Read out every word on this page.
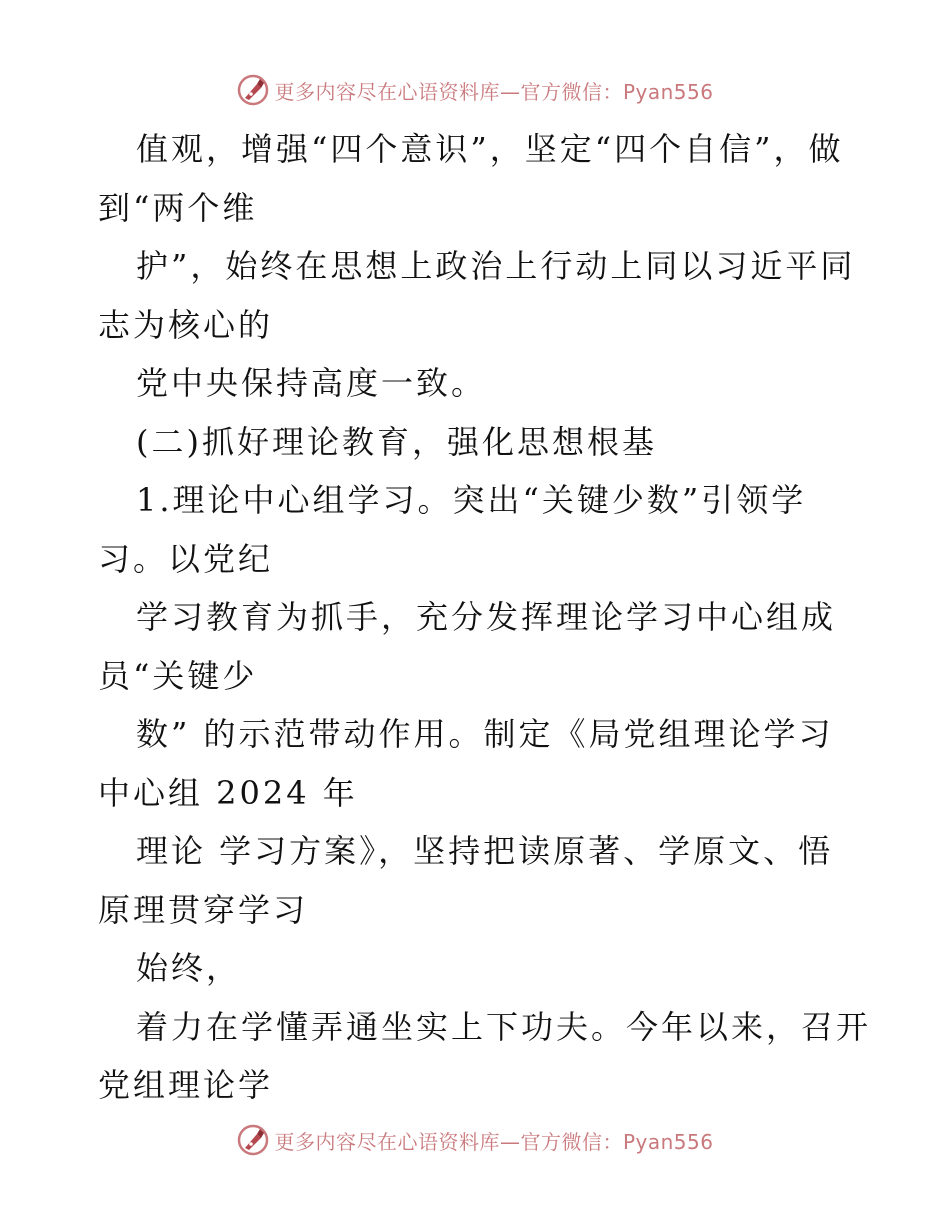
更多内容尽在心语资料库—官方微信：Pyan556
值观，增强“四个意识”，坚定“四个自信”，做
到“两个维
护”，始终在思想上政治上行动上同以习近平同
志为核心的
党中央保持高度一致。
(二)抓好理论教育，强化思想根基
1.理论中心组学习。突出“关键少数”引领学
习。以党纪
学习教育为抓手，充分发挥理论学习中心组成
员“关键少
数” 的示范带动作用。制定《局党组理论学习
中心组 2024 年
理论 学习方案》，坚持把读原著、学原文、悟
原理贯穿学习
始终，
着力在学懂弄通坐实上下功夫。今年以来，召开
党组理论学
更多内容尽在心语资料库—官方微信：Pyan556
